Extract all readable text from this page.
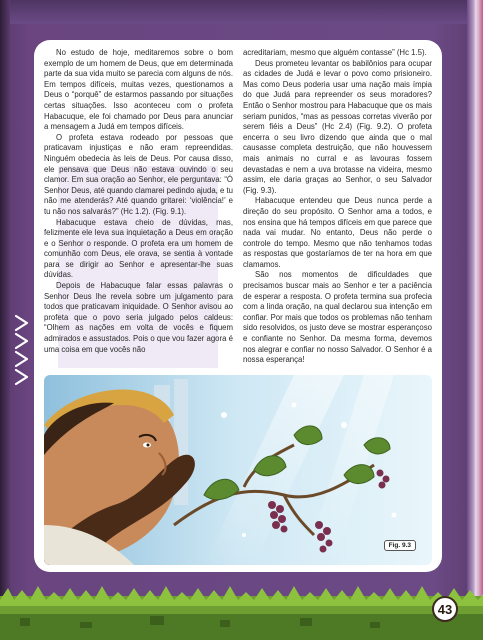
No estudo de hoje, meditaremos sobre o bom exemplo de um homem de Deus, que em determinada parte da sua vida muito se parecia com alguns de nós. Em tempos difíceis, muitas vezes, questionamos a Deus o “porquê” de estarmos passando por situações certas situações. Isso aconteceu com o profeta Habacuque, ele foi chamado por Deus para anunciar a mensagem a Judá em tempos difíceis.

O profeta estava rodeado por pessoas que praticavam injustiças e não eram repreendidas. Ninguém obedecia às leis de Deus. Por causa disso, ele pensava que Deus não estava ouvindo o seu clamor. Em sua oração ao Senhor, ele perguntava: “Ó Senhor Deus, até quando clamarei pedindo ajuda, e tu não me atenderás? Até quando gritarei: ‘violência!’ e tu não nos salvarás?” (Hc 1.2). (Fig. 9.1).

Habacuque estava cheio de dúvidas, mas, felizmente ele leva sua inquietação a Deus em oração e o Senhor o responde. O profeta era um homem de comunhão com Deus, ele orava, se sentia à vontade para se dirigir ao Senhor e apresentar-lhe suas dúvidas.

Depois de Habacuque falar essas palavras o Senhor Deus lhe revela sobre um julgamento para todos que praticavam iniquidade. O Senhor avisou ao profeta que o povo seria julgado pelos caldeus: “Olhem as nações em volta de vocês e fiquem admirados e assustados. Pois o que vou fazer agora é uma coisa em que vocês não

acreditariam, mesmo que alguém contasse” (Hc 1.5).

Deus prometeu levantar os babilônios para ocupar as cidades de Judá e levar o povo como prisioneiro. Mas como Deus poderia usar uma nação mais ímpia do que Judá para repreender os seus moradores? Então o Senhor mostrou para Habacuque que os mais seriam punidos, “mas as pessoas corretas viverão por serem fiéis a Deus” (Hc 2.4) (Fig. 9.2). O profeta encerra o seu livro dizendo que ainda que o mal causasse completa destruição, que não houvessem mais animais no curral e as lavouras fossem devastadas e nem a uva brotasse na videira, mesmo assim, ele daria graças ao Senhor, o seu Salvador (Fig. 9.3).

Habacuque entendeu que Deus nunca perde a direção do seu propósito. O Senhor ama a todos, e nos ensina que há tempos difíceis em que parece que nada vai mudar. No entanto, Deus não perde o controle do tempo. Mesmo que não tenhamos todas as respostas que gostaríamos de ter na hora em que clamamos.

São nos momentos de dificuldades que precisamos buscar mais ao Senhor e ter a paciência de esperar a resposta. O profeta termina sua profecia com a linda oração, na qual declarou sua intenção em confiar. Por mais que todos os problemas não tenham sido resolvidos, os justo deve se mostrar esperançoso e confiante no Senhor. Da mesma forma, devemos nos alegrar e confiar no nosso Salvador. O Senhor é a nossa esperança!

Fig. 9.3
43
